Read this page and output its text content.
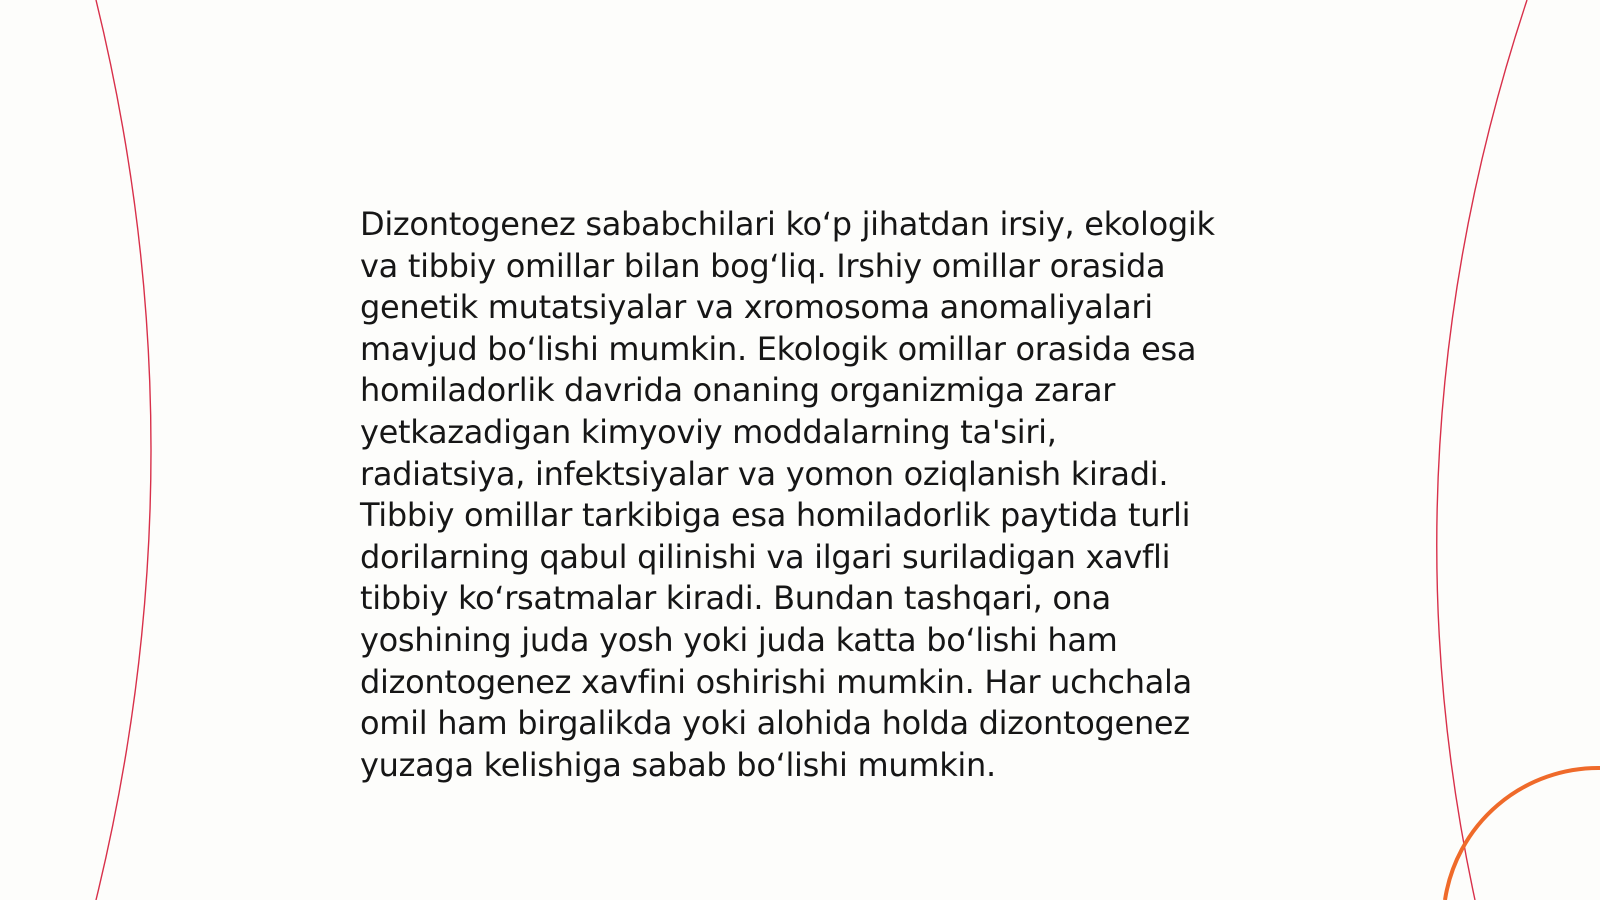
Dizontogenez sababchilari ko‘p jihatdan irsiy, ekologik
va tibbiy omillar bilan bog‘liq. Irshiy omillar orasida
genetik mutatsiyalar va xromosoma anomaliyalari
mavjud bo‘lishi mumkin. Ekologik omillar orasida esa
homiladorlik davrida onaning organizmiga zarar
yetkazadigan kimyoviy moddalarning ta'siri,
radiatsiya, infektsiyalar va yomon oziqlanish kiradi.
Tibbiy omillar tarkibiga esa homiladorlik paytida turli
dorilarning qabul qilinishi va ilgari suriladigan xavfli
tibbiy ko‘rsatmalar kiradi. Bundan tashqari, ona
yoshining juda yosh yoki juda katta bo‘lishi ham
dizontogenez xavfini oshirishi mumkin. Har uchchala
omil ham birgalikda yoki alohida holda dizontogenez
yuzaga kelishiga sabab bo‘lishi mumkin.
